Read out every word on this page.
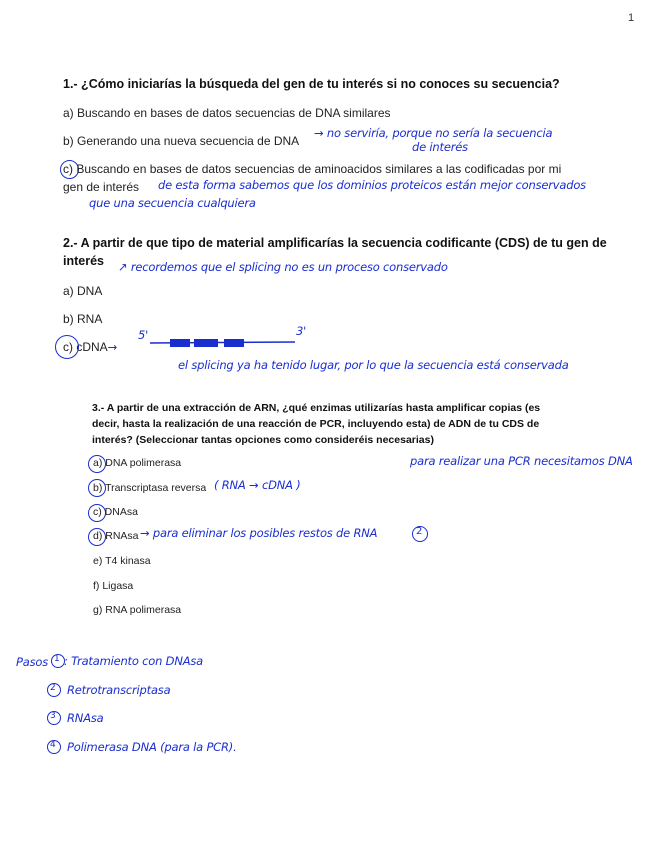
1
1.- ¿Cómo iniciarías la búsqueda del gen de tu interés si no conoces su secuencia?
a) Buscando en bases de datos secuencias de DNA similares
b) Generando una nueva secuencia de DNA
→ no serviría, porque no sería la secuencia
de interés
c) Buscando en bases de datos secuencias de aminoacidos similares a las codificadas por mi
gen de interés de esta forma sabemos que los dominios proteicos están mejor conservados
que una secuencia cualquiera
2.- A partir de que tipo de material amplificarías la secuencia codificante (CDS) de tu gen de
interés ↗ recordemos que el splicing no es un proceso conservado
a) DNA
b) RNA
c) cDNA→
5'	3'
el splicing ya ha tenido lugar, por lo que la secuencia está conservada
3.- A partir de una extracción de ARN, ¿qué enzimas utilizarías hasta amplificar copias (es decir, hasta la realización de una reacción de PCR, incluyendo esta) de ADN de tu CDS de interés? (Seleccionar tantas opciones como consideréis necesarias)
a) DNA polimerasa	para realizar una PCR necesitamos DNA
b) Transcriptasa reversa ( RNA → cDNA )
c) DNAsa
d) RNAsa → para eliminar los posibles restos de RNA	2
e) T4 kinasa
f) Ligasa
g) RNA polimerasa
Pasos 1 : Tratamiento con DNAsa
2 Retrotranscriptasa
3 RNAsa
4 Polimerasa DNA (para la PCR).
